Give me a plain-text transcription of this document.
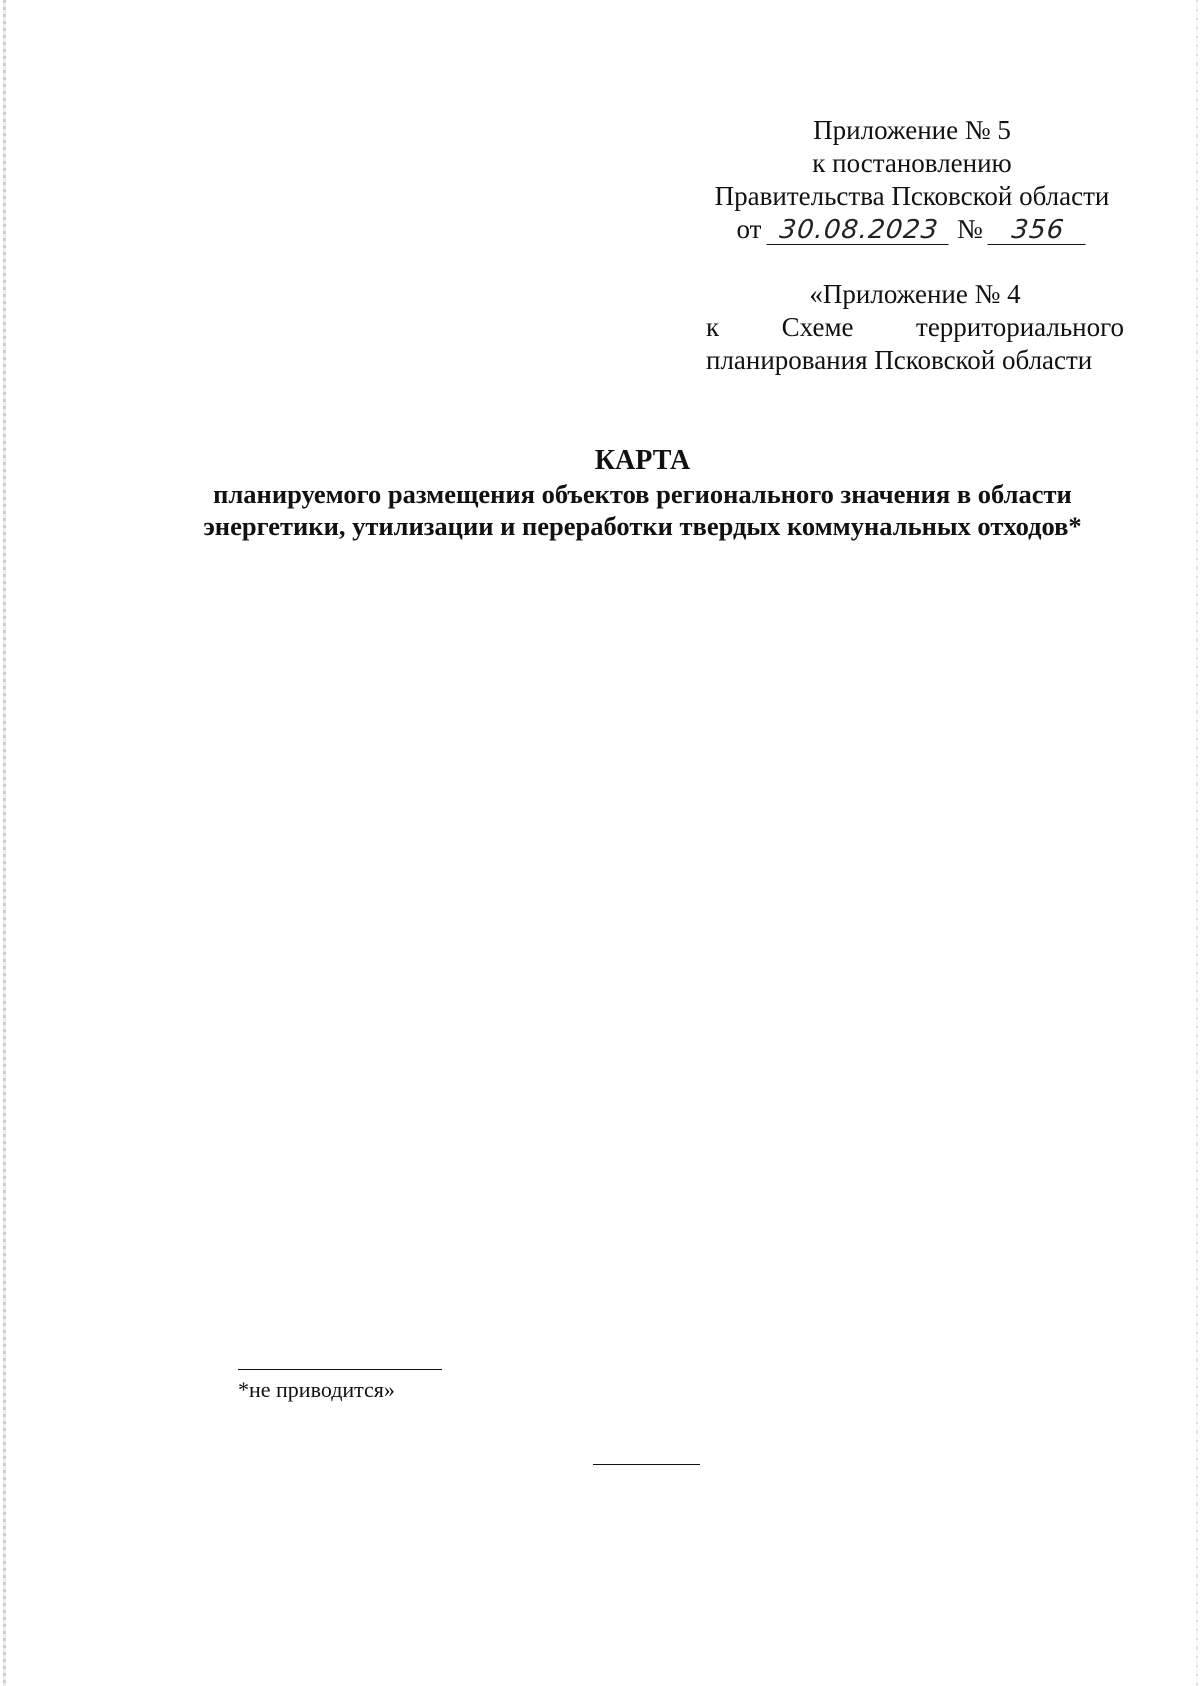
Приложение № 5
к постановлению
Правительства Псковской области
от 30.08.2023 № 356
«Приложение № 4
к Схеме территориального
планирования Псковской области
КАРТА
планируемого размещения объектов регионального значения в области
энергетики, утилизации и переработки твердых коммунальных отходов*
*не приводится»
